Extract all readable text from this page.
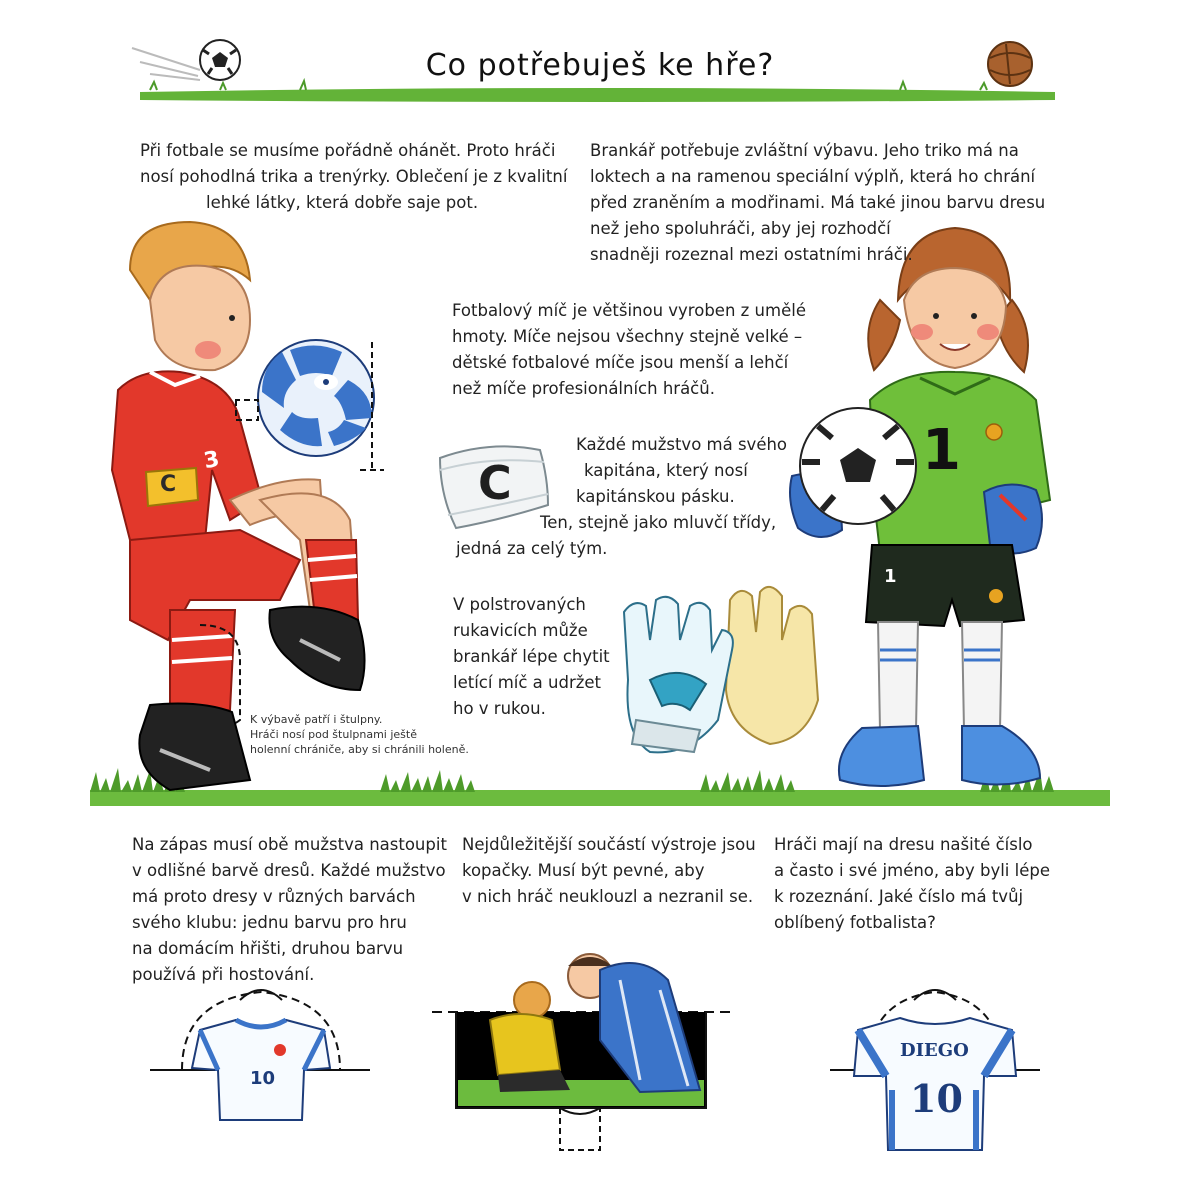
Co potřebuješ ke hře?
Při fotbale se musíme pořádně ohánět. Proto hráči
nosí pohodlná trika a trenýrky. Oblečení je z kvalitní
lehké látky, která dobře saje pot.
Brankář potřebuje zvláštní výbavu. Jeho triko má na
loktech a na ramenou speciální výplň, která ho chrání
před zraněním a modřinami. Má také jinou barvu dresu
než jeho spoluhráči, aby jej rozhodčí
snadněji rozeznal mezi ostatními hráči.
Fotbalový míč je většinou vyroben z umělé
hmoty. Míče nejsou všechny stejně velké –
dětské fotbalové míče jsou menší a lehčí
než míče profesionálních hráčů.
Každé mužstvo má svého
kapitána, který nosí
kapitánskou pásku.
Ten, stejně jako mluvčí třídy,
jedná za celý tým.
V polstrovaných
rukavicích může
brankář lépe chytit
letící míč a udržet
ho v rukou.
K výbavě patří i štulpny.
Hráči nosí pod štulpnami ještě
holenní chrániče, aby si chránili holeně.
Na zápas musí obě mužstva nastoupit
v odlišné barvě dresů. Každé mužstvo
má proto dresy v různých barvách
svého klubu: jednu barvu pro hru
na domácím hřišti, druhou barvu
používá při hostování.
Nejdůležitější součástí výstroje jsou
kopačky. Musí být pevné, aby
v nich hráč neuklouzl a nezranil se.
Hráči mají na dresu našité číslo
a často i své jméno, aby byli lépe
k rozeznání. Jaké číslo má tvůj
oblíbený fotbalista?
C
3	C	1
1
10
DIEGO
10
